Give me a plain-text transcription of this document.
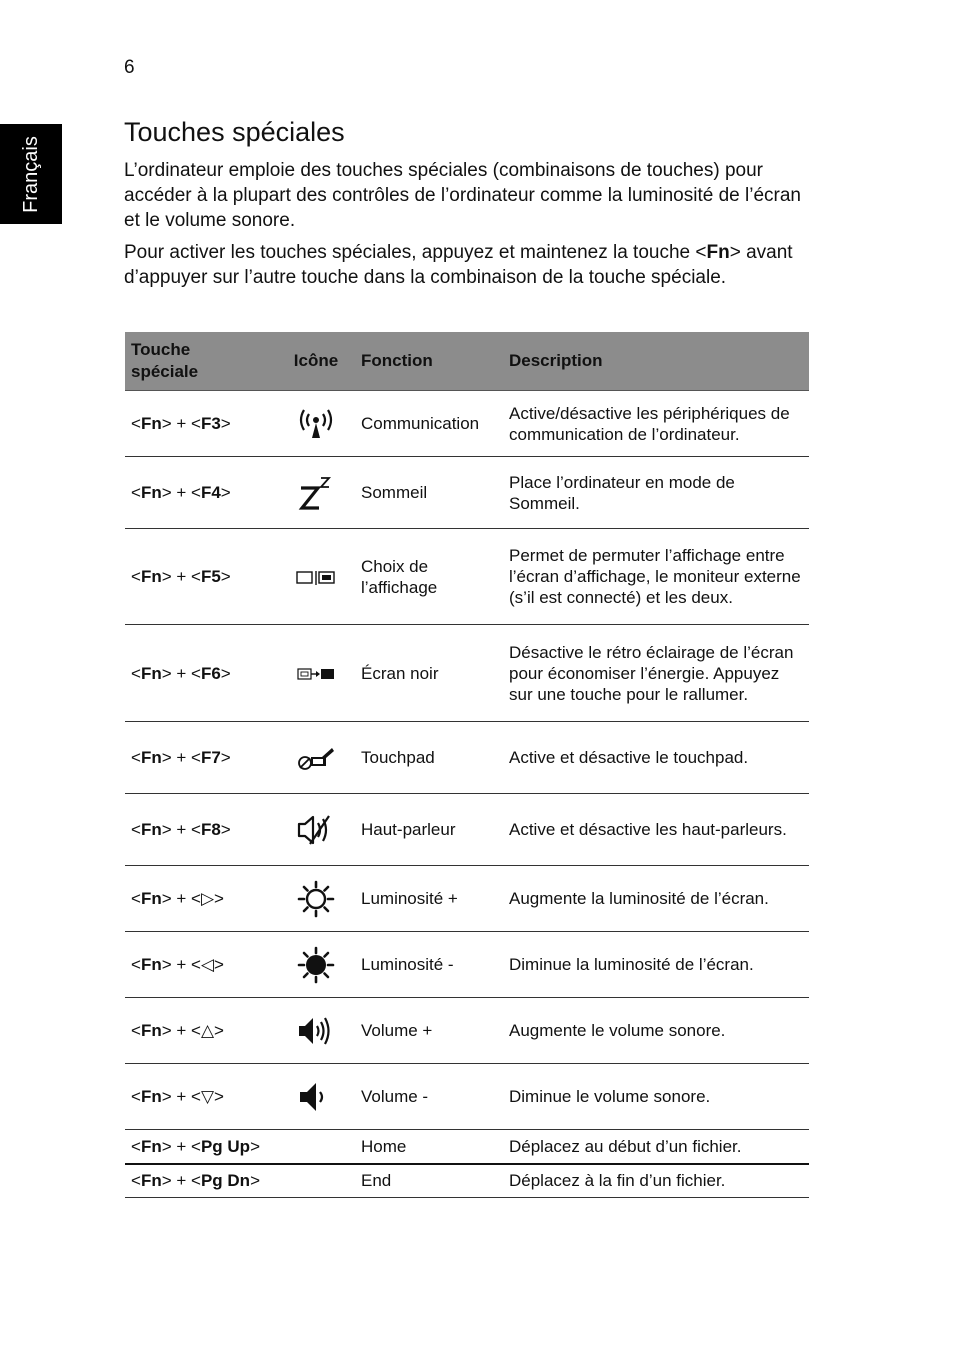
6
Français
Touches spéciales

L’ordinateur emploie des touches spéciales (combinaisons de touches) pour accéder à la plupart des contrôles de l’ordinateur comme la luminosité de l’écran et le volume sonore.

Pour activer les touches spéciales, appuyez et maintenez la touche <Fn> avant d’appuyer sur l’autre touche dans la combinaison de la touche spéciale.

Touche
spéciale	Icône	Fonction	Description
<Fn> + <F3>		Communication	Active/désactive les périphériques de communication de l’ordinateur.
<Fn> + <F4>		Sommeil	Place l’ordinateur en mode de Sommeil.
<Fn> + <F5>		Choix de l’affichage	Permet de permuter l’affichage entre l’écran d’affichage, le moniteur externe (s’il est connecté) et les deux.
<Fn> + <F6>		Écran noir	Désactive le rétro éclairage de l’écran pour économiser l’énergie. Appuyez sur une touche pour le rallumer.
<Fn> + <F7>		Touchpad	Active et désactive le touchpad.
<Fn> + <F8>		Haut-parleur	Active et désactive les haut-parleurs.
<Fn> + <▷>		Luminosité +	Augmente la luminosité de l’écran.
<Fn> + <◁>		Luminosité -	Diminue la luminosité de l’écran.
<Fn> + <△>		Volume +	Augmente le volume sonore.
<Fn> + <▽>		Volume -	Diminue le volume sonore.
<Fn> + <Pg Up>		Home	Déplacez au début d’un fichier.
<Fn> + <Pg Dn>		End	Déplacez à la fin d’un fichier.
